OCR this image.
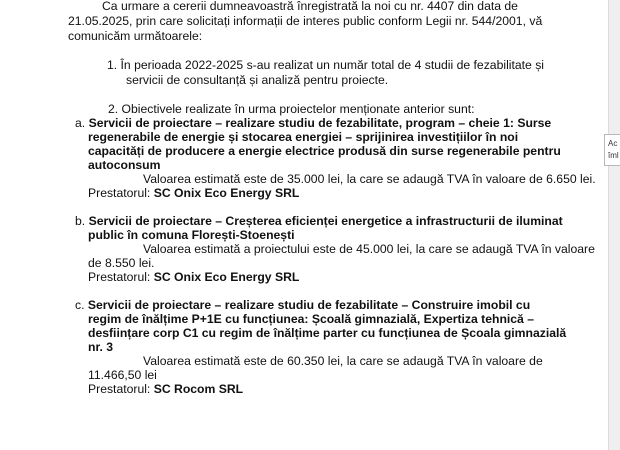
Ca urmare a cererii dumneavoastră înregistrată la noi cu nr. 4407 din data de
21.05.2025, prin care solicitați informații de interes public conform Legii nr. 544/2001, vă
comunicăm următoarele:
1. În perioada 2022-2025 s-au realizat un număr total de 4 studii de fezabilitate și
servicii de consultanță și analiză pentru proiecte.
2. Obiectivele realizate în urma proiectelor menționate anterior sunt:
a. Servicii de proiectare – realizare studiu de fezabilitate, program – cheie 1: Surse
regenerabile de energie și stocarea energiei – sprijinirea investițiilor în noi
capacități de producere a energie electrice produsă din surse regenerabile pentru
autoconsum
Valoarea estimată este de 35.000 lei, la care se adaugă TVA în valoare de 6.650 lei.
Prestatorul: SC Onix Eco Energy SRL
b. Servicii de proiectare – Creșterea eficienței energetice a infrastructurii de iluminat
public în comuna Florești-Stoenești
Valoarea estimată a proiectului este de 45.000 lei, la care se adaugă TVA în valoare
de 8.550 lei.
Prestatorul: SC Onix Eco Energy SRL
c. Servicii de proiectare – realizare studiu de fezabilitate – Construire imobil cu
regim de înălțime P+1E cu funcțiunea: Școală gimnazială, Expertiza tehnică –
desființare corp C1 cu regim de înălțime parter cu funcțiunea de Școala gimnazială
nr. 3
Valoarea estimată este de 60.350 lei, la care se adaugă TVA în valoare de
11.466,50 lei
Prestatorul: SC Rocom SRL
Ac
îml
